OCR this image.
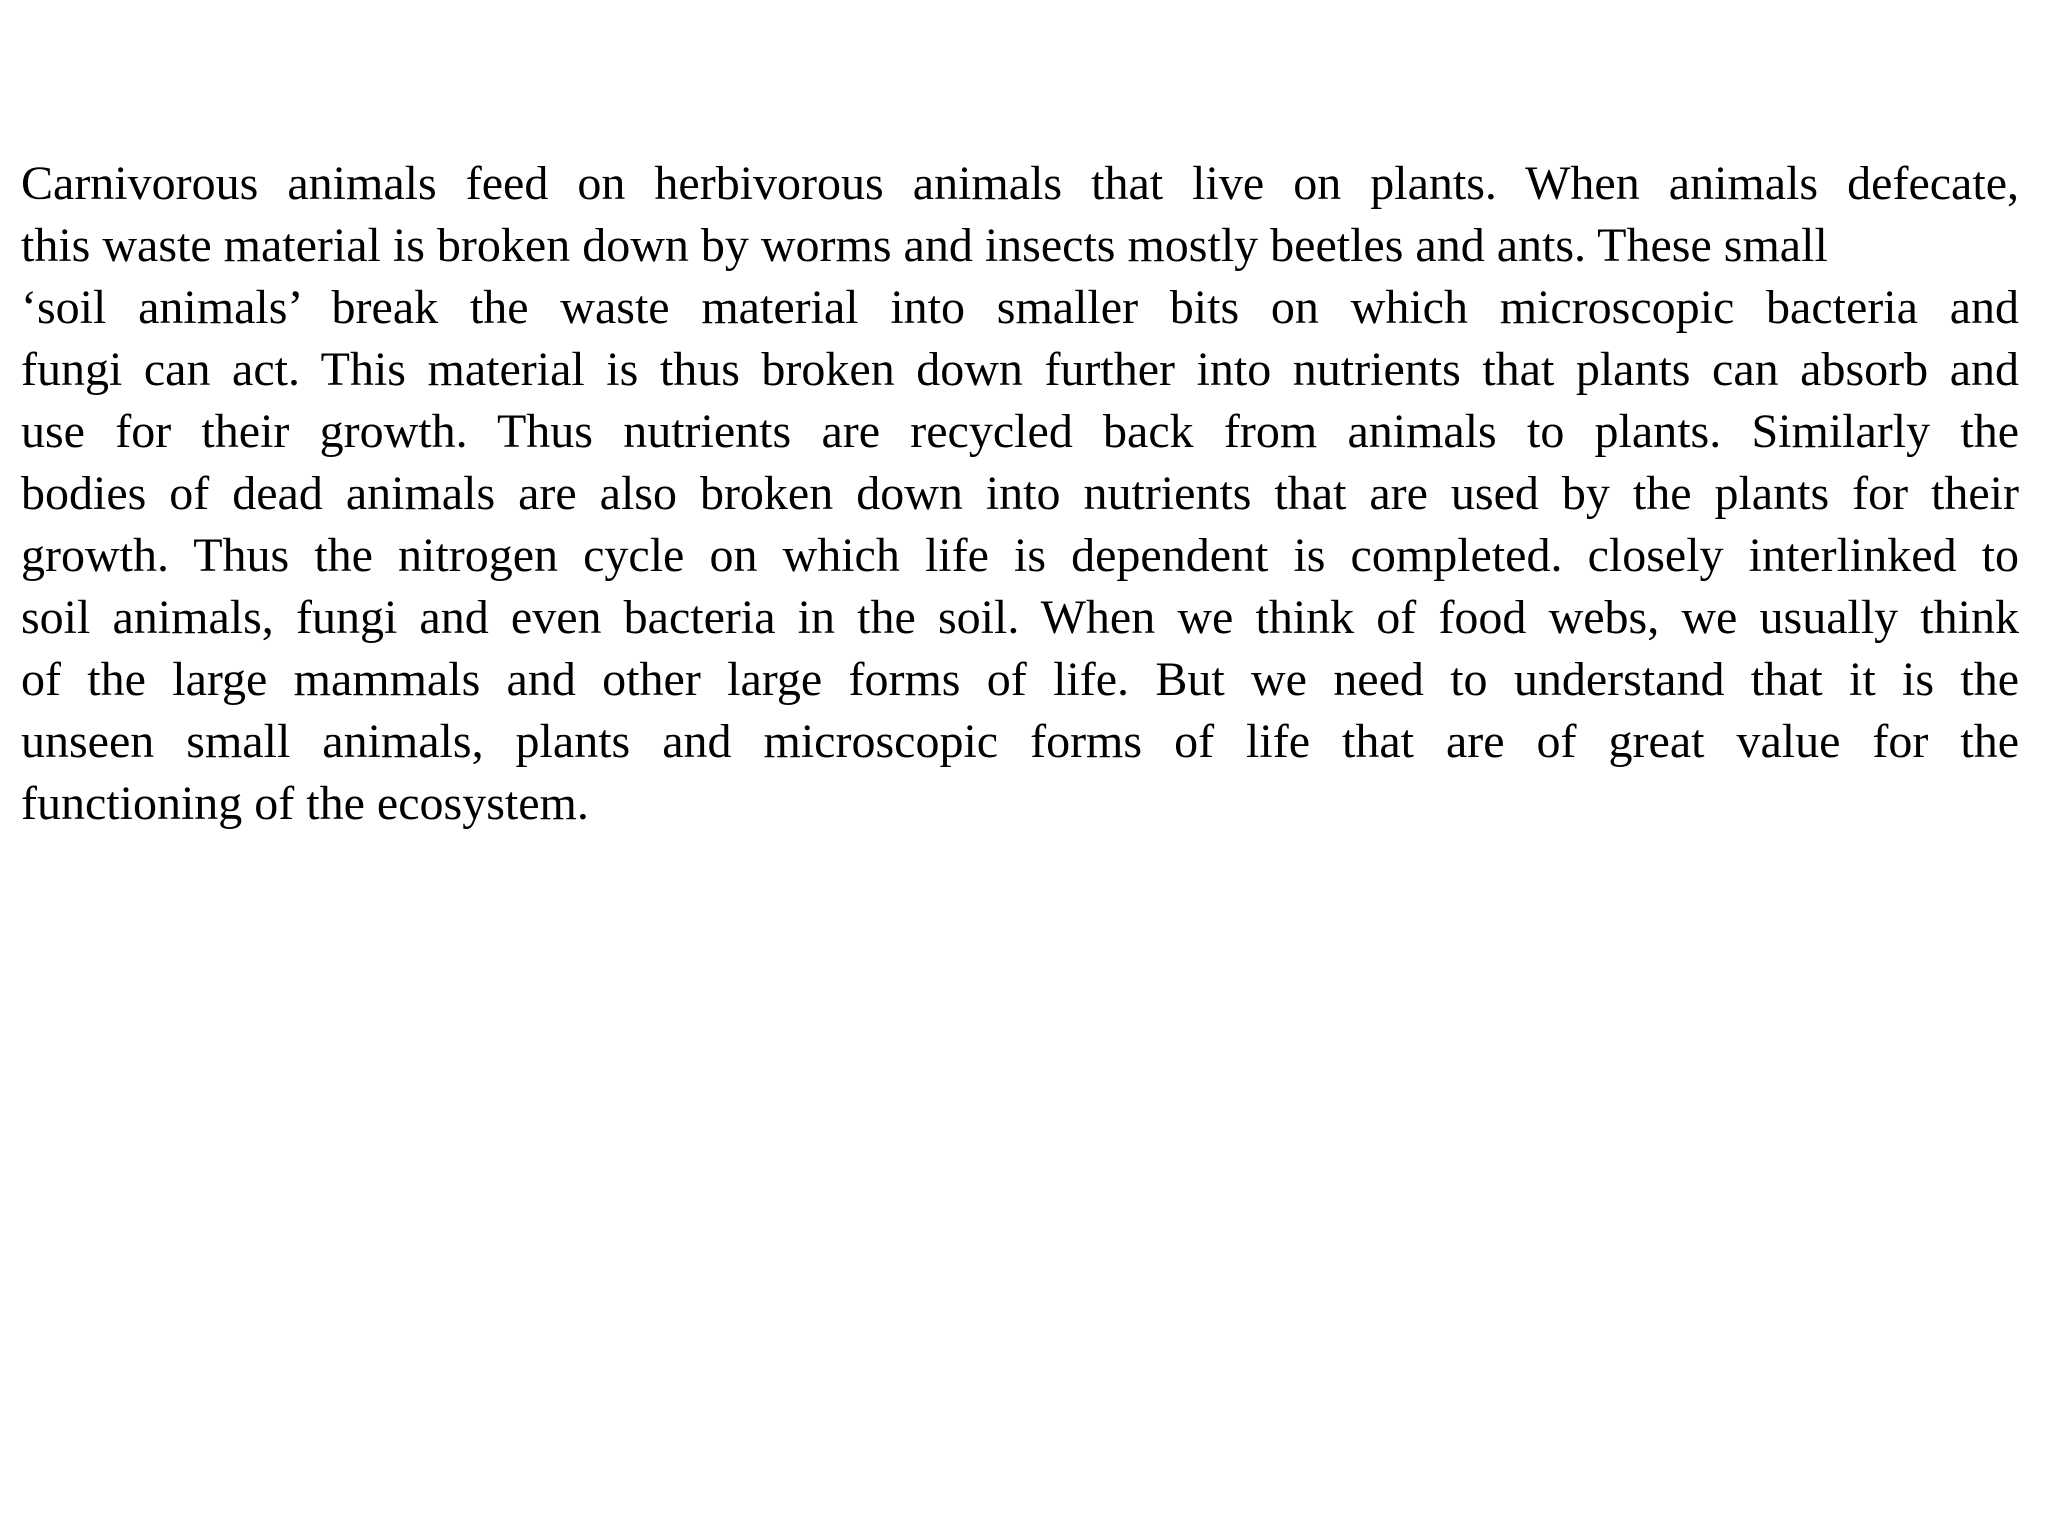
Carnivorous animals feed on herbivorous animals that live on plants. When animals defecate,
this waste material is broken down by worms and insects mostly beetles and ants. These small
‘soil animals’ break the waste material into smaller bits on which microscopic bacteria and
fungi can act. This material is thus broken down further into nutrients that plants can absorb and
use for their growth. Thus nutrients are recycled back from animals to plants. Similarly the
bodies of dead animals are also broken down into nutrients that are used by the plants for their
growth. Thus the nitrogen cycle on which life is dependent is completed. closely interlinked to
soil animals, fungi and even bacteria in the soil. When we think of food webs, we usually think
of the large mammals and other large forms of life. But we need to understand that it is the
unseen small animals, plants and microscopic forms of life that are of great value for the
functioning of the ecosystem.
